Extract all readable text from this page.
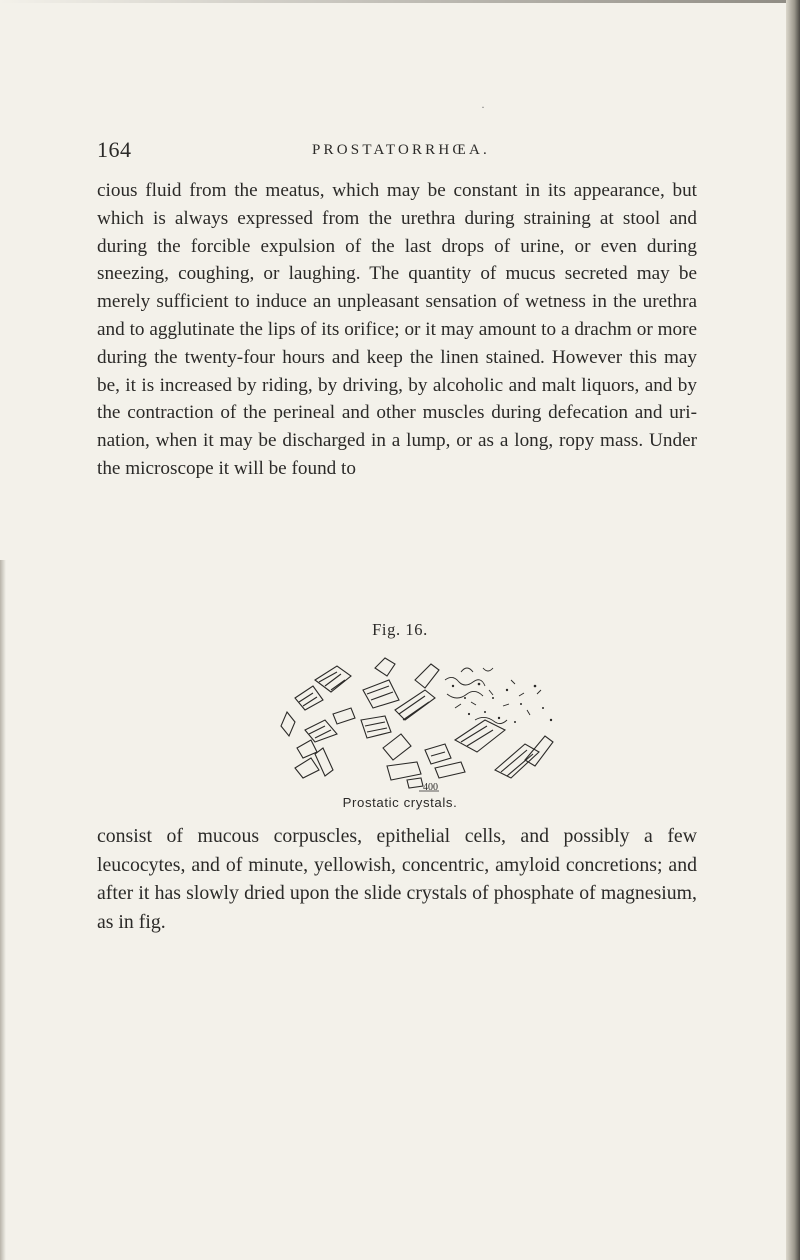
·
164	PROSTATORRHŒA.

cious fluid from the meatus, which may be constant in its appearance, but which is always expressed from the urethra during straining at stool and during the forcible expulsion of the last drops of urine, or even during sneezing, coughing, or laughing. The quantity of mucus secreted may be merely sufficient to induce an unpleasant sensation of wetness in the urethra and to agglutinate the lips of its orifice; or it may amount to a drachm or more during the twenty-four hours and keep the linen stained. However this may be, it is increased by riding, by driving, by alcoholic and malt liquors, and by the contraction of the perineal and other muscles during defecation and urination, when it may be discharged in a lump, or as a long, ropy mass. Under the microscope it will be found to

Fig. 16.
400
Prostatic crystals.

consist of mucous corpuscles, epithelial cells, and possibly a few leucocytes, and of minute, yellowish, concentric, amyloid concretions; and after it has slowly dried upon the slide crystals of phosphate of magnesium, as in fig.
